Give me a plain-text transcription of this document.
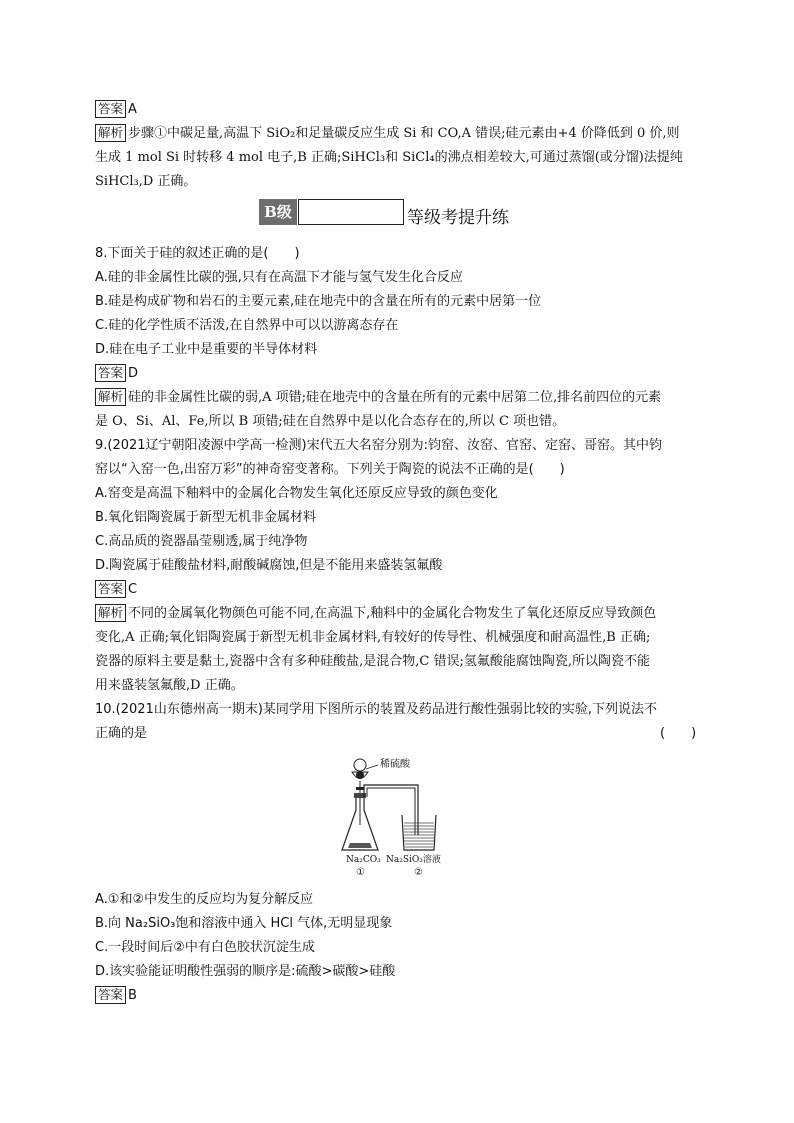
答案 A
解析 步骤①中碳足量,高温下 SiO₂和足量碳反应生成 Si 和 CO,A 错误;硅元素由+4 价降低到 0 价,则
生成 1 mol Si 时转移 4 mol 电子,B 正确;SiHCl₃和 SiCl₄的沸点相差较大,可通过蒸馏(或分馏)法提纯
SiHCl₃,D 正确。
B级	等级考提升练
8.下面关于硅的叙述正确的是(　　)
A.硅的非金属性比碳的强,只有在高温下才能与氢气发生化合反应
B.硅是构成矿物和岩石的主要元素,硅在地壳中的含量在所有的元素中居第一位
C.硅的化学性质不活泼,在自然界中可以以游离态存在
D.硅在电子工业中是重要的半导体材料
答案 D
解析 硅的非金属性比碳的弱,A 项错;硅在地壳中的含量在所有的元素中居第二位,排名前四位的元素
是 O、Si、Al、Fe,所以 B 项错;硅在自然界中是以化合态存在的,所以 C 项也错。
9.(2021辽宁朝阳凌源中学高一检测)宋代五大名窑分别为:钧窑、汝窑、官窑、定窑、哥窑。其中钧
窑以“入窑一色,出窑万彩”的神奇窑变著称。下列关于陶瓷的说法不正确的是(　　)
A.窑变是高温下釉料中的金属化合物发生氧化还原反应导致的颜色变化
B.氧化铝陶瓷属于新型无机非金属材料
C.高品质的瓷器晶莹剔透,属于纯净物
D.陶瓷属于硅酸盐材料,耐酸碱腐蚀,但是不能用来盛装氢氟酸
答案 C
解析 不同的金属氧化物颜色可能不同,在高温下,釉料中的金属化合物发生了氧化还原反应导致颜色
变化,A 正确;氧化铝陶瓷属于新型无机非金属材料,有较好的传导性、机械强度和耐高温性,B 正确;
瓷器的原料主要是黏土,瓷器中含有多种硅酸盐,是混合物,C 错误;氢氟酸能腐蚀陶瓷,所以陶瓷不能
用来盛装氢氟酸,D 正确。
10.(2021山东德州高一期末)某同学用下图所示的装置及药品进行酸性强弱比较的实验,下列说法不
正确的是	(　　)
稀硫酸
Na₂CO₃ Na₂SiO₃溶液
①	②
A.①和②中发生的反应均为复分解反应
B.向 Na₂SiO₃饱和溶液中通入 HCl 气体,无明显现象
C.一段时间后②中有白色胶状沉淀生成
D.该实验能证明酸性强弱的顺序是:硫酸>碳酸>硅酸
答案 B
